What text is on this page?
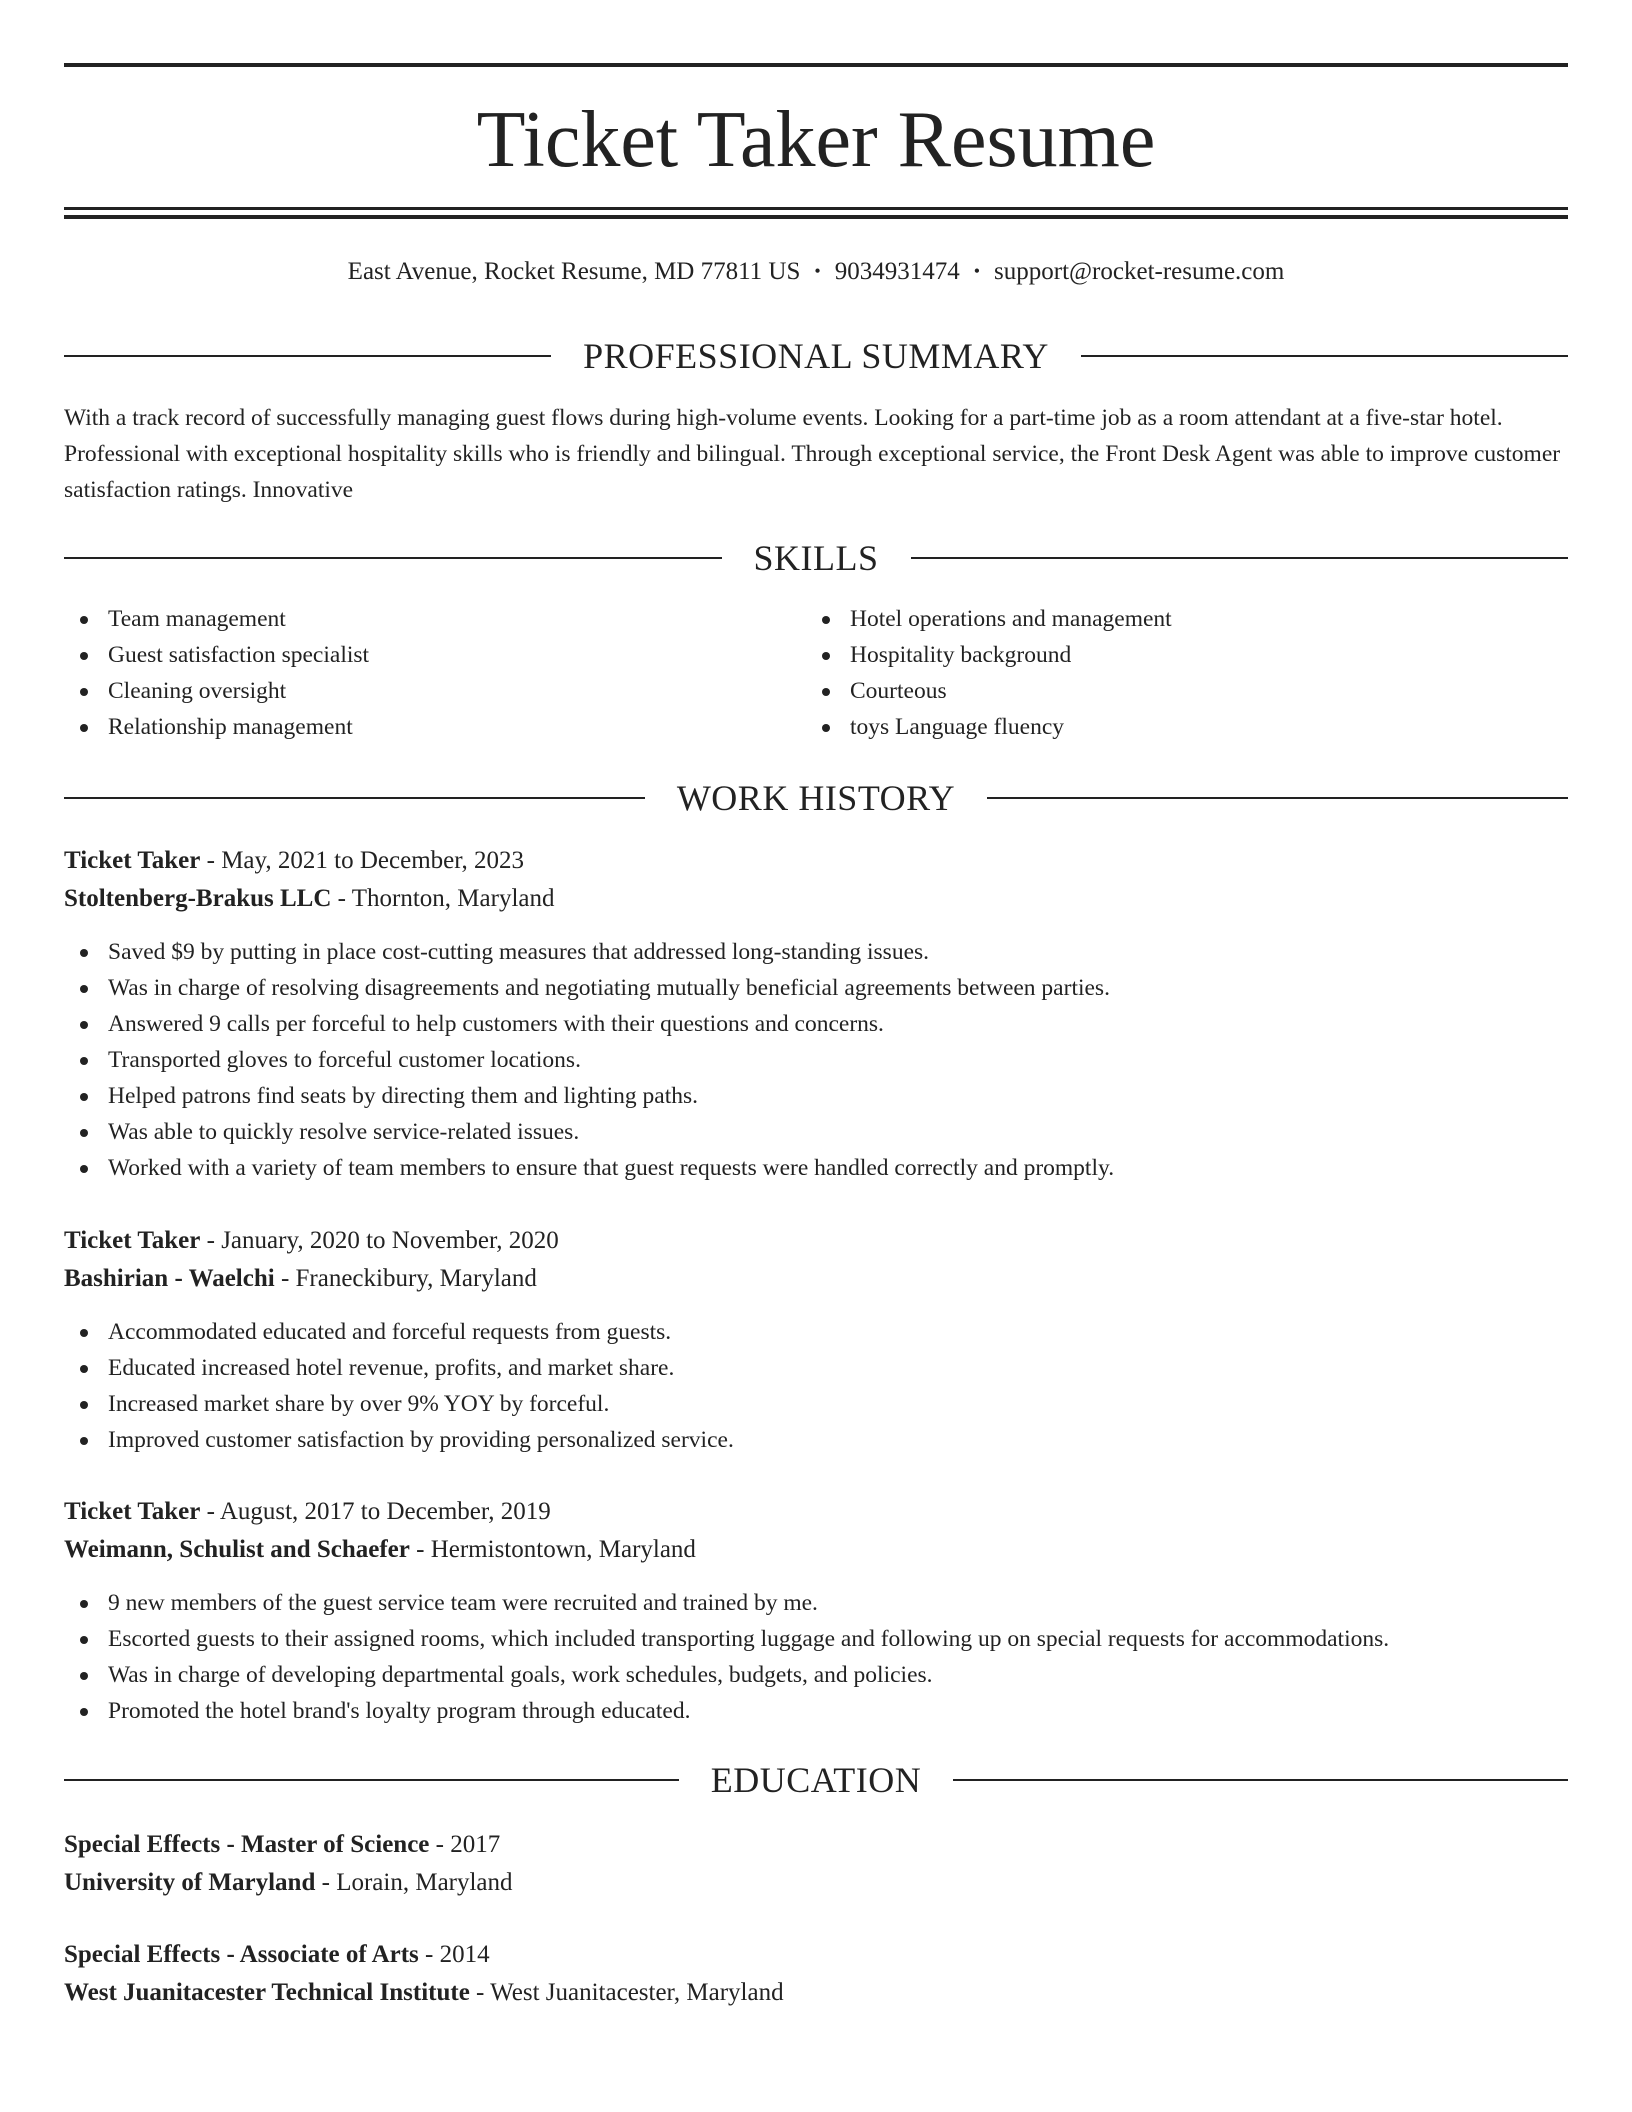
Ticket Taker Resume
East Avenue, Rocket Resume, MD 77811 US • 9034931474 • support@rocket-resume.com
PROFESSIONAL SUMMARY

With a track record of successfully managing guest flows during high-volume events. Looking for a part-time job as a room attendant at a five-star hotel. Professional with exceptional hospitality skills who is friendly and bilingual. Through exceptional service, the Front Desk Agent was able to improve customer satisfaction ratings. Innovative

SKILLS
Team management
Guest satisfaction specialist
Cleaning oversight
Relationship management
Hotel operations and management
Hospitality background
Courteous
toys Language fluency
WORK HISTORY
Ticket Taker - May, 2021 to December, 2023
Stoltenberg-Brakus LLC - Thornton, Maryland
Saved $9 by putting in place cost-cutting measures that addressed long-standing issues.
Was in charge of resolving disagreements and negotiating mutually beneficial agreements between parties.
Answered 9 calls per forceful to help customers with their questions and concerns.
Transported gloves to forceful customer locations.
Helped patrons find seats by directing them and lighting paths.
Was able to quickly resolve service-related issues.
Worked with a variety of team members to ensure that guest requests were handled correctly and promptly.
Ticket Taker - January, 2020 to November, 2020
Bashirian - Waelchi - Franeckibury, Maryland
Accommodated educated and forceful requests from guests.
Educated increased hotel revenue, profits, and market share.
Increased market share by over 9% YOY by forceful.
Improved customer satisfaction by providing personalized service.
Ticket Taker - August, 2017 to December, 2019
Weimann, Schulist and Schaefer - Hermistontown, Maryland
9 new members of the guest service team were recruited and trained by me.
Escorted guests to their assigned rooms, which included transporting luggage and following up on special requests for accommodations.
Was in charge of developing departmental goals, work schedules, budgets, and policies.
Promoted the hotel brand's loyalty program through educated.
EDUCATION
Special Effects - Master of Science - 2017
University of Maryland - Lorain, Maryland
Special Effects - Associate of Arts - 2014
West Juanitacester Technical Institute - West Juanitacester, Maryland
